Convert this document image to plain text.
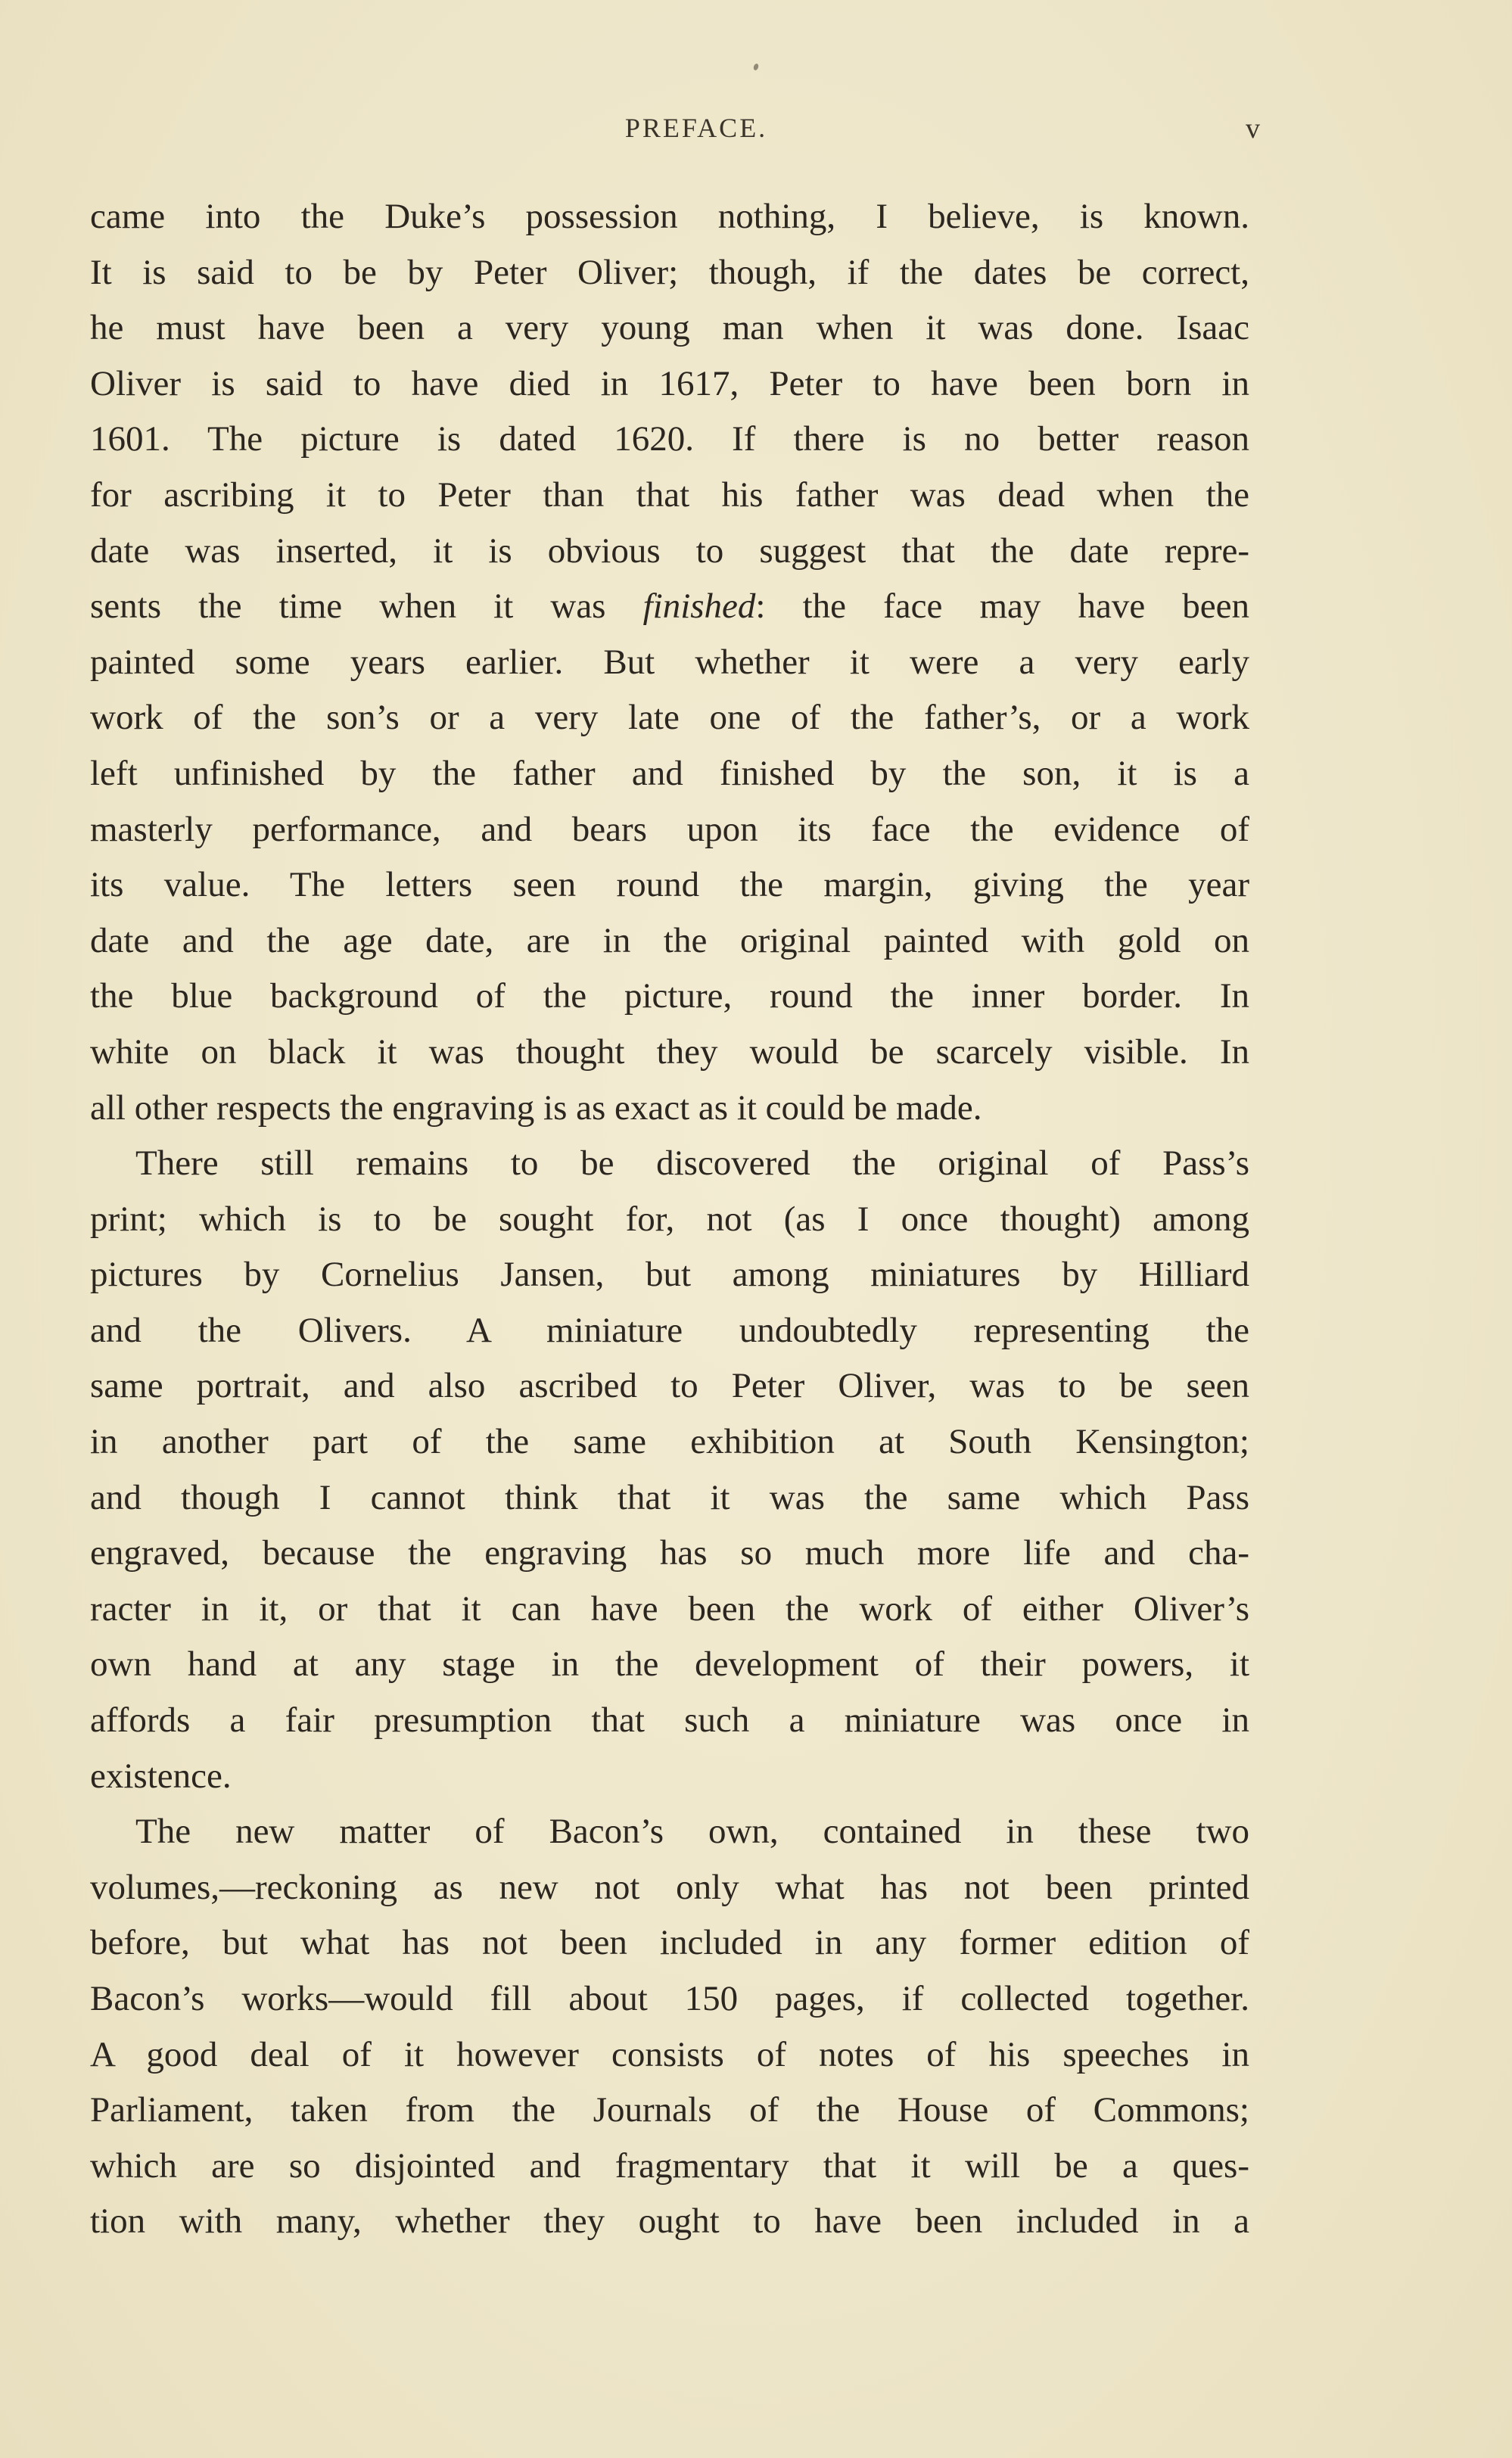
PREFACE.	v
came into the Duke’s possession nothing, I believe, is known.
It is said to be by Peter Oliver; though, if the dates be correct,
he must have been a very young man when it was done. Isaac
Oliver is said to have died in 1617, Peter to have been born in
1601. The picture is dated 1620. If there is no better reason
for ascribing it to Peter than that his father was dead when the
date was inserted, it is obvious to suggest that the date repre-
sents the time when it was finished: the face may have been
painted some years earlier. But whether it were a very early
work of the son’s or a very late one of the father’s, or a work
left unfinished by the father and finished by the son, it is a
masterly performance, and bears upon its face the evidence of
its value. The letters seen round the margin, giving the year
date and the age date, are in the original painted with gold on
the blue background of the picture, round the inner border. In
white on black it was thought they would be scarcely visible. In
all other respects the engraving is as exact as it could be made.
There still remains to be discovered the original of Pass’s
print; which is to be sought for, not (as I once thought) among
pictures by Cornelius Jansen, but among miniatures by Hilliard
and the Olivers. A miniature undoubtedly representing the
same portrait, and also ascribed to Peter Oliver, was to be seen
in another part of the same exhibition at South Kensington;
and though I cannot think that it was the same which Pass
engraved, because the engraving has so much more life and cha-
racter in it, or that it can have been the work of either Oliver’s
own hand at any stage in the development of their powers, it
affords a fair presumption that such a miniature was once in
existence.
The new matter of Bacon’s own, contained in these two
volumes,—reckoning as new not only what has not been printed
before, but what has not been included in any former edition of
Bacon’s works—would fill about 150 pages, if collected together.
A good deal of it however consists of notes of his speeches in
Parliament, taken from the Journals of the House of Commons;
which are so disjointed and fragmentary that it will be a ques-
tion with many, whether they ought to have been included in a
